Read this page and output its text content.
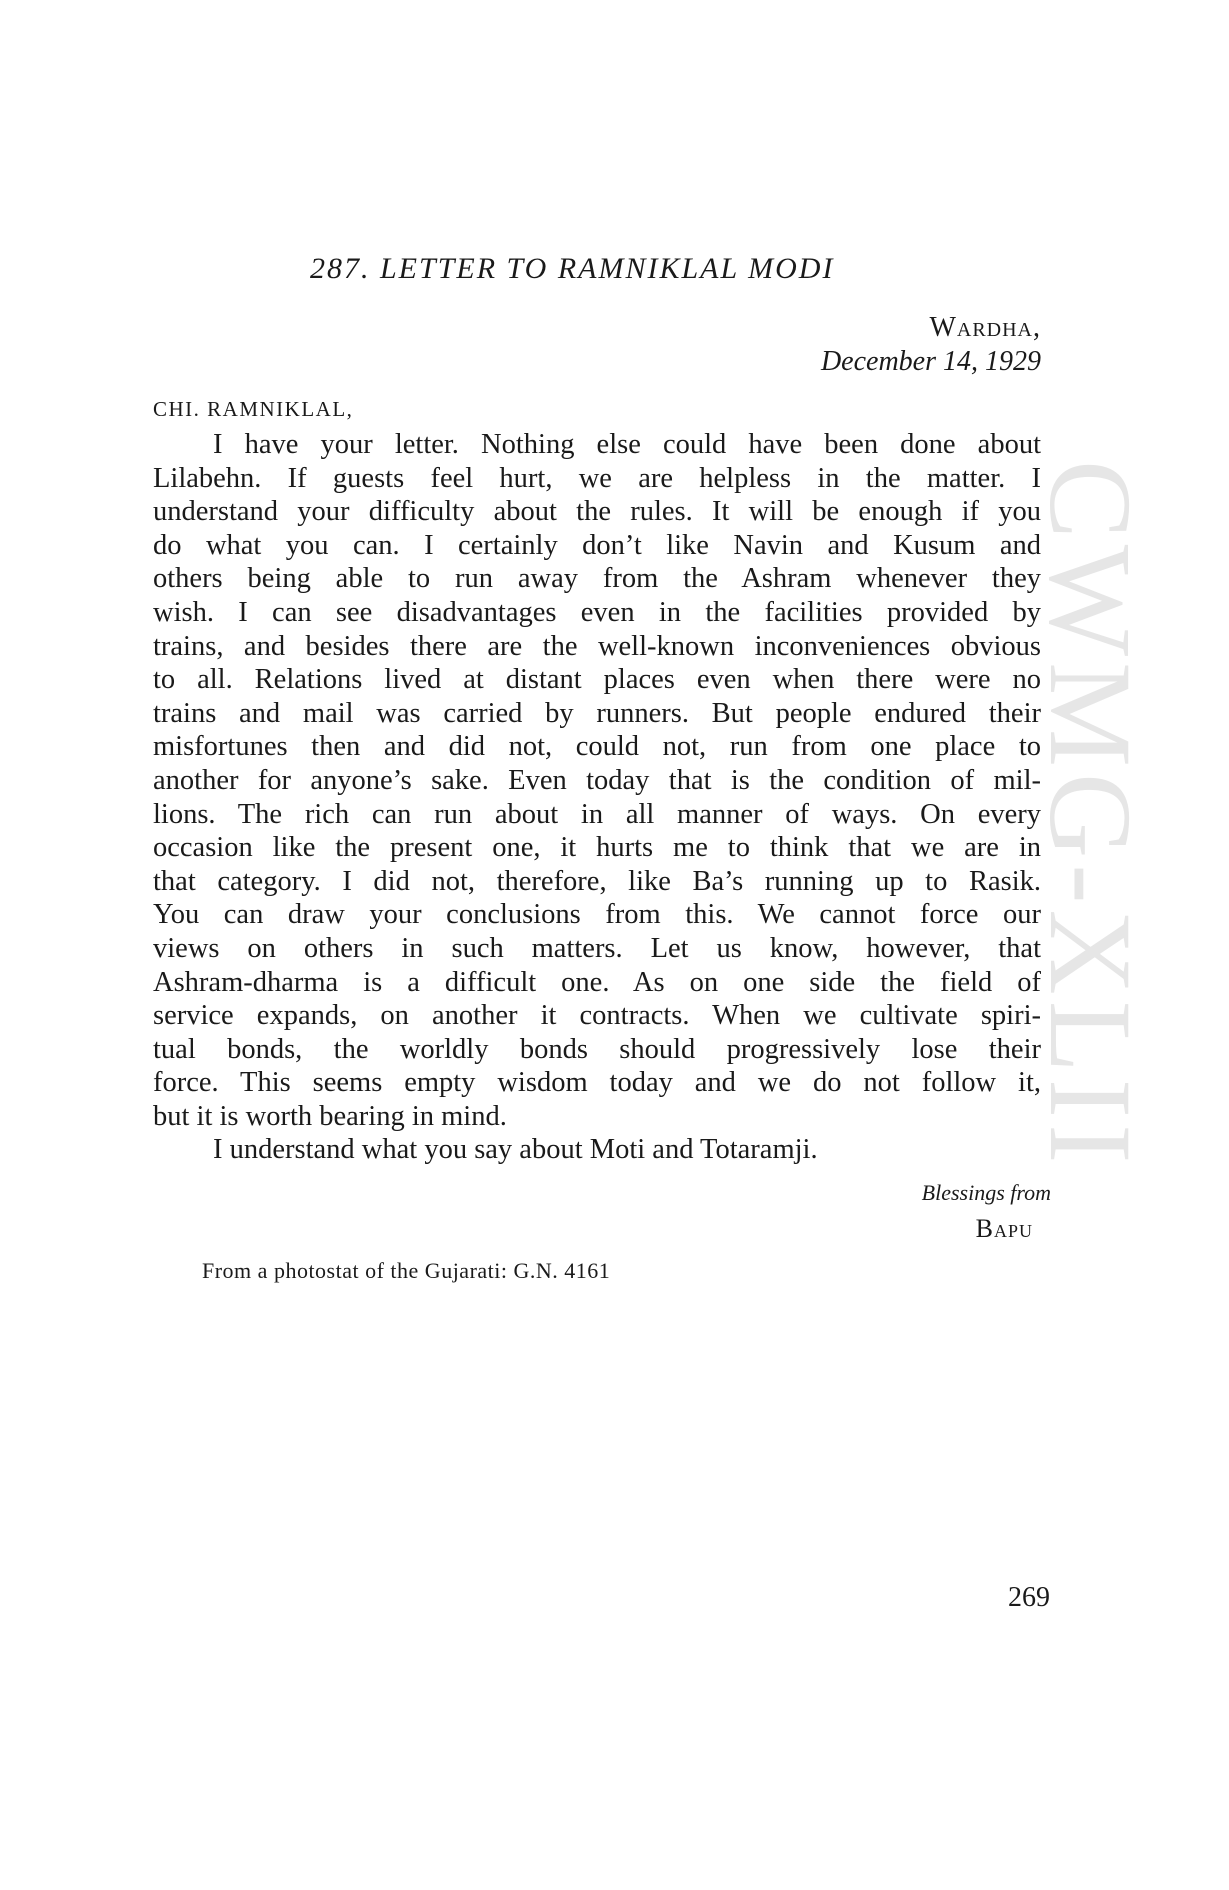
CWMG-XLII
287. LETTER TO RAMNIKLAL MODI
Wardha,
December 14, 1929
CHI. RAMNIKLAL,
I have your letter. Nothing else could have been done about
Lilabehn. If guests feel hurt, we are helpless in the matter. I
understand your difficulty about the rules. It will be enough if you
do what you can. I certainly don’t like Navin and Kusum and
others being able to run away from the Ashram whenever they
wish. I can see disadvantages even in the facilities provided by
trains, and besides there are the well-known inconveniences obvious
to all. Relations lived at distant places even when there were no
trains and mail was carried by runners. But people endured their
misfortunes then and did not, could not, run from one place to
another for anyone’s sake. Even today that is the condition of mil-
lions. The rich can run about in all manner of ways. On every
occasion like the present one, it hurts me to think that we are in
that category. I did not, therefore, like Ba’s running up to Rasik.
You can draw your conclusions from this. We cannot force our
views on others in such matters. Let us know, however, that
Ashram-dharma is a difficult one. As on one side the field of
service expands, on another it contracts. When we cultivate spiri-
tual bonds, the worldly bonds should progressively lose their
force. This seems empty wisdom today and we do not follow it,
but it is worth bearing in mind.
I understand what you say about Moti and Totaramji.
Blessings from
Bapu
From a photostat of the Gujarati: G.N. 4161
269
